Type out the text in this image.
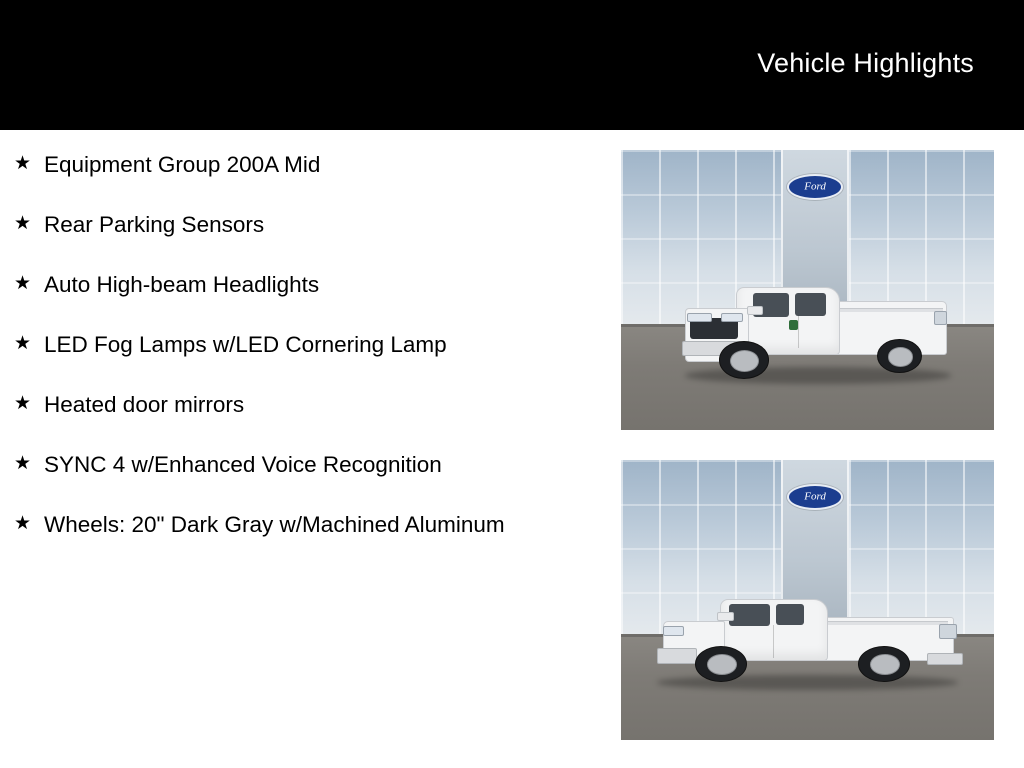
Vehicle Highlights
★ Equipment Group 200A Mid
★ Rear Parking Sensors
★ Auto High-beam Headlights
★ LED Fog Lamps w/LED Cornering Lamp
★ Heated door mirrors
★ SYNC 4 w/Enhanced Voice Recognition
★ Wheels: 20" Dark Gray w/Machined Aluminum
Ford
Ford
